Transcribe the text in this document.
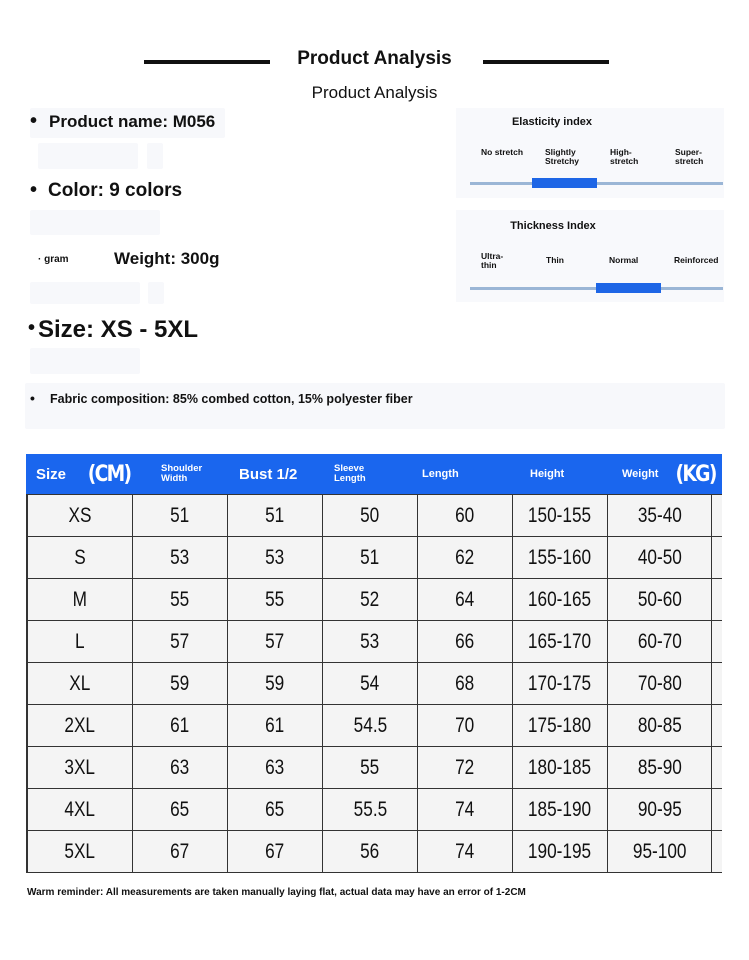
Product Analysis
Product Analysis
• Product name: M056
• Color: 9 colors
· gram	Weight: 300g
• Size: XS - 5XL
• Fabric composition: 85% combed cotton, 15% polyester fiber
Elasticity index
No stretch	Slightly Stretchy
High-stretch
Super-stretch
Thickness Index
Ultra-thin	Thin	Normal	Reinforced
Size (CM)	Shoulder Width	Bust 1/2	Sleeve Length	Length	Height	Weight (KG)
XS	51	51	50	60	150-155 35-40
S	53	53	51	62	155-160 40-50
M	55	55	52	64	160-165 50-60
L	57	57	53	66	165-170 60-70
XL	59	59	54	68	170-175 70-80
2XL	61	61	54.5	70	175-180 80-85
3XL	63	63	55	72	180-185 85-90
4XL	65	65	55.5	74	185-190 90-95
5XL	67	67	56	74	190-195 95-100
Warm reminder: All measurements are taken manually laying flat, actual data may have an error of 1-2CM
